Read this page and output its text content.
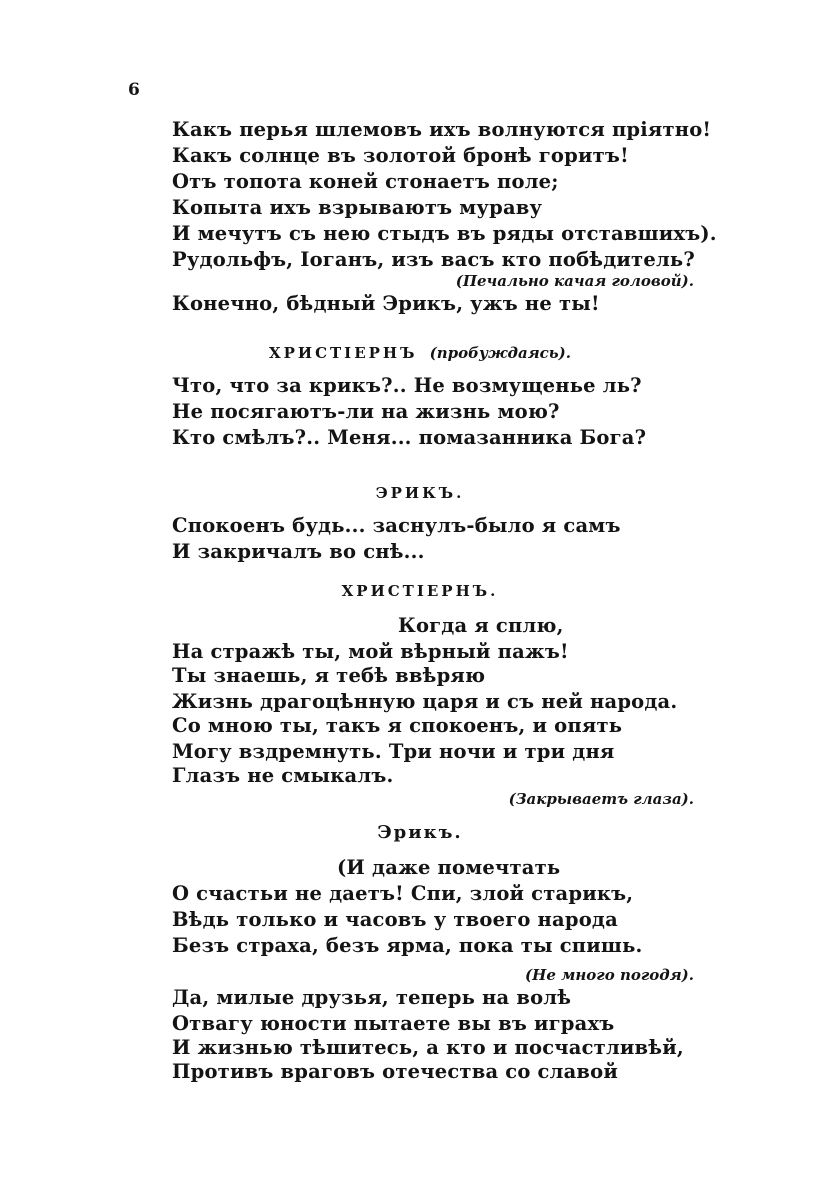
6
Какъ перья шлемовъ ихъ волнуются прiятно!
Какъ солнце въ золотой бронѣ горитъ!
Отъ топота коней стонаетъ поле;
Копыта ихъ взрываютъ мураву
И мечутъ съ нею стыдъ въ ряды отставшихъ).
Рудольфъ, Iоганъ, изъ васъ кто побѣдитель?
(Печально качая головой).
Конечно, бѣдный Эрикъ, ужъ не ты!
ХРИСТIЕРНЪ (пробуждаясь).
Что, что за крикъ?.. Не возмущенье ль?
Не посягаютъ-ли на жизнь мою?
Кто смѣлъ?.. Меня... помазанника Бога?
ЭРИКЪ.
Спокоенъ будь... заснулъ-было я самъ
И закричалъ во снѣ...
ХРИСТIЕРНЪ.
Когда я сплю,
На стражѣ ты, мой вѣрный пажъ!
Ты знаешь, я тебѣ ввѣряю
Жизнь драгоцѣнную царя и съ ней народа.
Со мною ты, такъ я спокоенъ, и опять
Могу вздремнуть. Три ночи и три дня
Глазъ не смыкалъ.
(Закрываетъ глаза).
Эрикъ.
(И даже помечтать
О счастьи не даетъ! Спи, злой старикъ,
Вѣдь только и часовъ у твоего народа
Безъ страха, безъ ярма, пока ты спишь.
(Не много погодя).
Да, милые друзья, теперь на волѣ
Отвагу юности пытаете вы въ играхъ
И жизнью тѣшитесь, а кто и посчастливѣй,
Противъ враговъ отечества со славой
